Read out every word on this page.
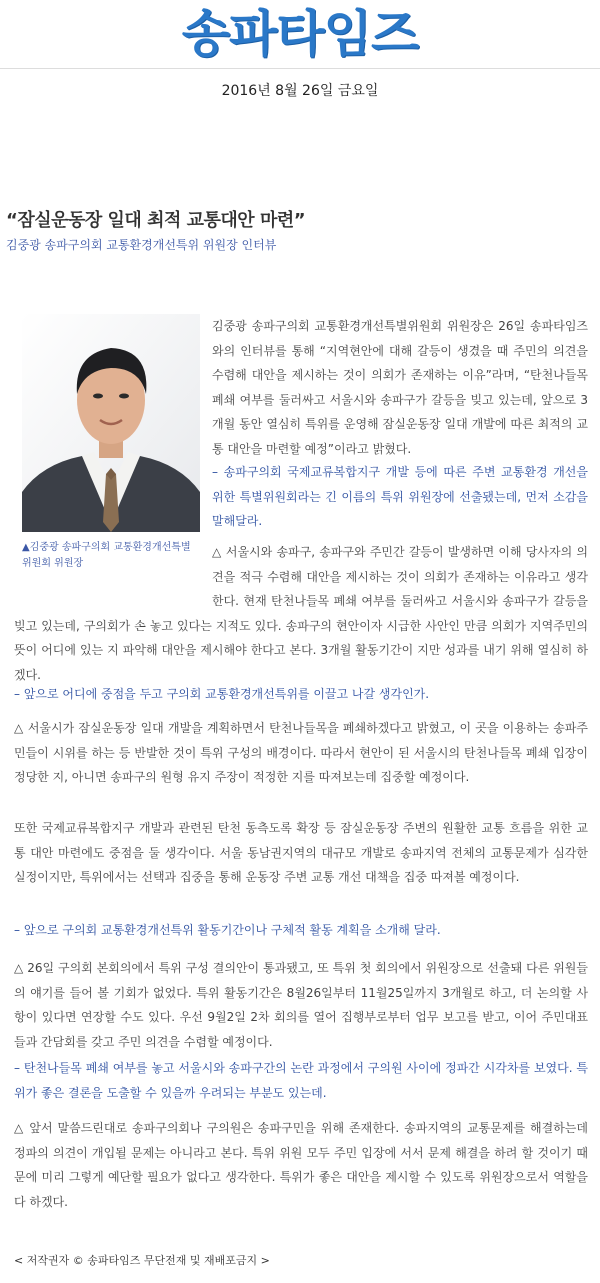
송파타임즈
2016년 8월 26일 금요일
“잠실운동장 일대 최적 교통대안 마련”
김중광 송파구의회 교통환경개선특위 위원장 인터뷰
▲김중광 송파구의회 교통환경개선특별위원회 위원장

김중광 송파구의회 교통환경개선특별위원회 위원장은 26일 송파타임즈와의 인터뷰를 통해 “지역현안에 대해 갈등이 생겼을 때 주민의 의견을 수렴해 대안을 제시하는 것이 의회가 존재하는 이유”라며, “탄천나들목 폐쇄 여부를 둘러싸고 서울시와 송파구가 갈등을 빚고 있는데, 앞으로 3개월 동안 열심히 특위를 운영해 잠실운동장 일대 개발에 따른 최적의 교통 대안을 마련할 예정”이라고 밝혔다.

– 송파구의회 국제교류복합지구 개발 등에 따른 주변 교통환경 개선을 위한 특별위원회라는 긴 이름의 특위 위원장에 선출됐는데, 먼저 소감을 말해달라.

△ 서울시와 송파구, 송파구와 주민간 갈등이 발생하면 이해 당사자의 의견을 적극 수렴해 대안을 제시하는 것이 의회가 존재하는 이유라고 생각한다. 현재 탄천나들목 폐쇄 여부를 둘러싸고 서울시와 송파구가 갈등을 빚고 있는데, 구의회가 손 놓고 있다는 지적도 있다. 송파구의 현안이자 시급한 사안인 만큼 의회가 지역주민의 뜻이 어디에 있는 지 파악해 대안을 제시해야 한다고 본다. 3개월 활동기간이 지만 성과를 내기 위해 열심히 하겠다.

– 앞으로 어디에 중점을 두고 구의회 교통환경개선특위를 이끌고 나갈 생각인가.

△ 서울시가 잠실운동장 일대 개발을 계획하면서 탄천나들목을 폐쇄하겠다고 밝혔고, 이 곳을 이용하는 송파주민들이 시위를 하는 등 반발한 것이 특위 구성의 배경이다. 따라서 현안이 된 서울시의 탄천나들목 폐쇄 입장이 정당한 지, 아니면 송파구의 원형 유지 주장이 적정한 지를 따져보는데 집중할 예정이다.

또한 국제교류복합지구 개발과 관련된 탄천 동측도록 확장 등 잠실운동장 주변의 원활한 교통 흐름을 위한 교통 대안 마련에도 중점을 둘 생각이다. 서울 동남권지역의 대규모 개발로 송파지역 전체의 교통문제가 심각한 실정이지만, 특위에서는 선택과 집중을 통해 운동장 주변 교통 개선 대책을 집중 따져볼 예정이다.

– 앞으로 구의회 교통환경개선특위 활동기간이나 구체적 활동 계획을 소개해 달라.

△ 26일 구의회 본회의에서 특위 구성 결의안이 통과됐고, 또 특위 첫 회의에서 위원장으로 선출돼 다른 위원들의 얘기를 들어 볼 기회가 없었다. 특위 활동기간은 8월26일부터 11월25일까지 3개월로 하고, 더 논의할 사항이 있다면 연장할 수도 있다. 우선 9월2일 2차 회의를 열어 집행부로부터 업무 보고를 받고, 이어 주민대표들과 간담회를 갖고 주민 의견을 수렴할 예정이다.

– 탄천나들목 폐쇄 여부를 놓고 서울시와 송파구간의 논란 과정에서 구의원 사이에 정파간 시각차를 보였다. 특위가 좋은 결론을 도출할 수 있을까 우려되는 부분도 있는데.

△ 앞서 말씀드린대로 송파구의회나 구의원은 송파구민을 위해 존재한다. 송파지역의 교통문제를 해결하는데 정파의 의견이 개입될 문제는 아니라고 본다. 특위 위원 모두 주민 입장에 서서 문제 해결을 하려 할 것이기 때문에 미리 그렇게 예단할 필요가 없다고 생각한다. 특위가 좋은 대안을 제시할 수 있도록 위원장으로서 역할을 다 하겠다.

< 저작권자 © 송파타임즈 무단전재 및 재배포금지 >
